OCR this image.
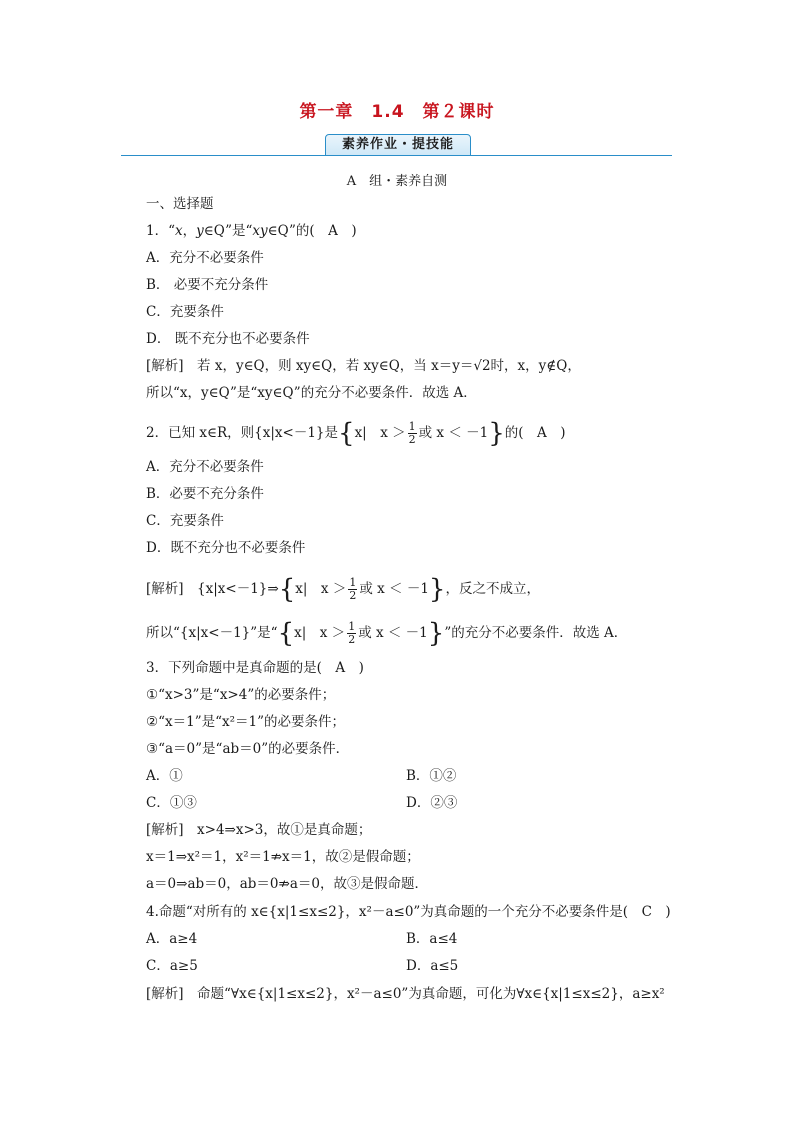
第一章　1.4　第２课时
素养作业・提技能
A　组・素养自测
一、选择题
1．“x，y∈Q”是“xy∈Q”的(　A　)
A．充分不必要条件
B． 必要不充分条件
C．充要条件
D． 既不充分也不必要条件
[解析]　若 x，y∈Q，则 xy∈Q，若 xy∈Q，当 x＝y＝√2时，x，y∉Q，
所以“x，y∈Q”是“xy∈Q”的充分不必要条件．故选 A．
2．已知 x∈R，则{x|x<－1}是{x|　$x > \frac{1}{2}$ 或 x ＜ －1}的(　A　)
A．充分不必要条件
B．必要不充分条件
C．充要条件
D．既不充分也不必要条件
[解析]　{x|x<－1}⇒{x|　$x > \frac{1}{2}$ 或 x ＜ －1}，反之不成立，
所以“{x|x<－1}”是“{x|　$x > \frac{1}{2}$ 或 x ＜ －1}”的充分不必要条件．故选 A．
3．下列命题中是真命题的是(　A　)
①“x>3”是“x>4”的必要条件；
②“x＝1”是“x²＝1”的必要条件；
③“a＝0”是“ab＝0”的必要条件．
A．①	B．①②
C．①③	D．②③
[解析]　x>4⇒x>3，故①是真命题；
x＝1⇒x²＝1，x²＝1⇏x＝1，故②是假命题；
a＝0⇒ab＝0，ab＝0⇏a＝0，故③是假命题．
4.命题“对所有的 x∈{x|1≤x≤2}，x²－a≤0”为真命题的一个充分不必要条件是(　C　)
A．a≥4	B．a≤4
C．a≥5	D．a≤5
[解析]　命题“∀x∈{x|1≤x≤2}，x²－a≤0”为真命题，可化为∀x∈{x|1≤x≤2}，a≥x²
